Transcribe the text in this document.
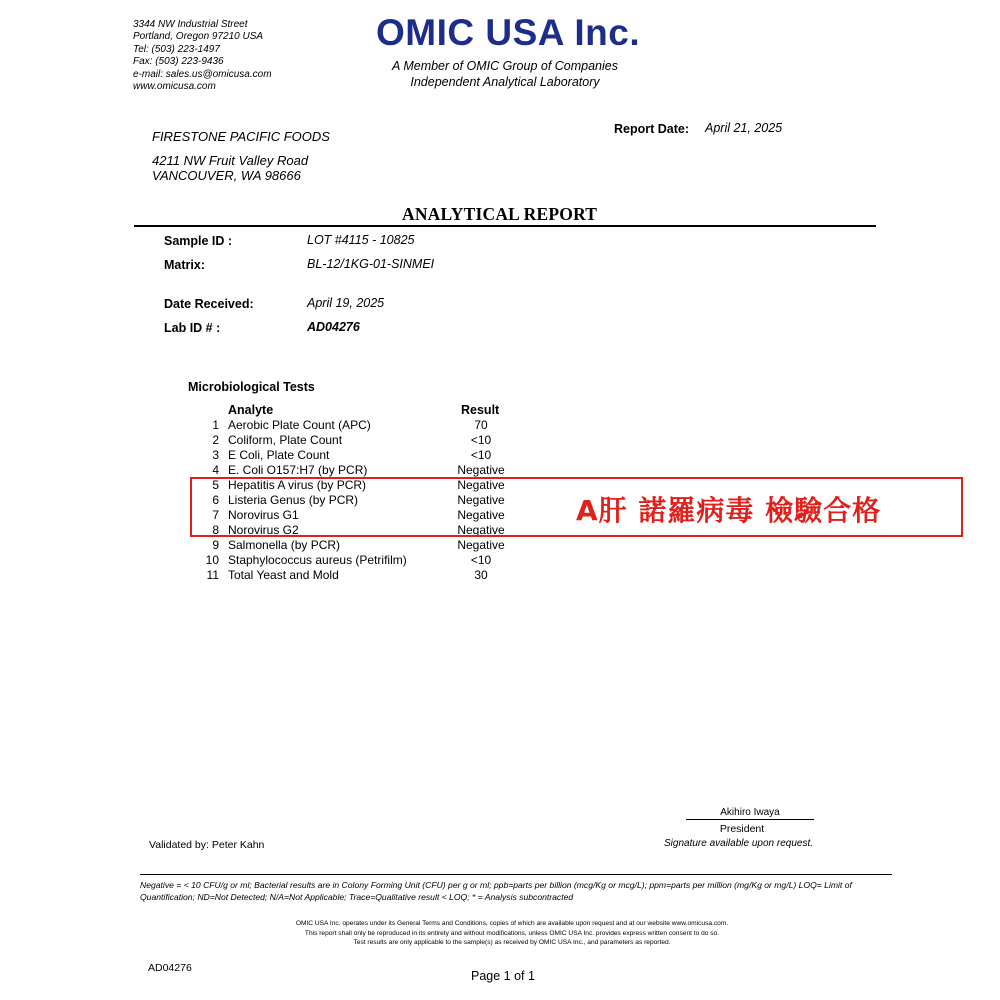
3344 NW Industrial Street
Portland, Oregon 97210 USA
Tel: (503) 223-1497
Fax: (503) 223-9436
e-mail: sales.us@omicusa.com
www.omicusa.com
OMIC USA Inc.
A Member of OMIC Group of Companies
Independent Analytical Laboratory
FIRESTONE PACIFIC FOODS
4211 NW Fruit Valley Road
VANCOUVER, WA 98666
Report Date: April 21, 2025
ANALYTICAL REPORT
Sample ID :	LOT #4115 - 10825
Matrix:	BL-12/1KG-01-SINMEI
Date Received:	April 19, 2025
Lab ID # :	AD04276
Microbiological Tests
Analyte	Result
1 Aerobic Plate Count (APC)	70
2 Coliform, Plate Count	<10
3 E Coli, Plate Count	<10
4 E. Coli O157:H7 (by PCR)	Negative
5 Hepatitis A virus (by PCR)	Negative
6 Listeria Genus (by PCR)	Negative
7 Norovirus G1	Negative
8 Norovirus G2	Negative
9 Salmonella (by PCR)	Negative
10 Staphylococcus aureus (Petrifilm)	<10
11 Total Yeast and Mold	30
A肝 諾羅病毒 檢驗合格
Akihiro Iwaya
President
Signature available upon request.
Validated by: Peter Kahn
Negative = < 10 CFU/g or ml; Bacterial results are in Colony Forming Unit (CFU) per g or ml; ppb=parts per billion (mcg/Kg or mcg/L); ppm=parts per million (mg/Kg or mg/L) LOQ= Limit of Quantification; ND=Not Detected; N/A=Not Applicable; Trace=Qualitative result < LOQ; * = Analysis subcontracted
OMIC USA Inc. operates under its General Terms and Conditions, copies of which are available upon request and at our website www.omicusa.com.
This report shall only be reproduced in its entirety and without modifications, unless OMIC USA Inc. provides express written consent to do so.
Test results are only applicable to the sample(s) as received by OMIC USA Inc., and parameters as reported.
AD04276
Page 1 of 1
